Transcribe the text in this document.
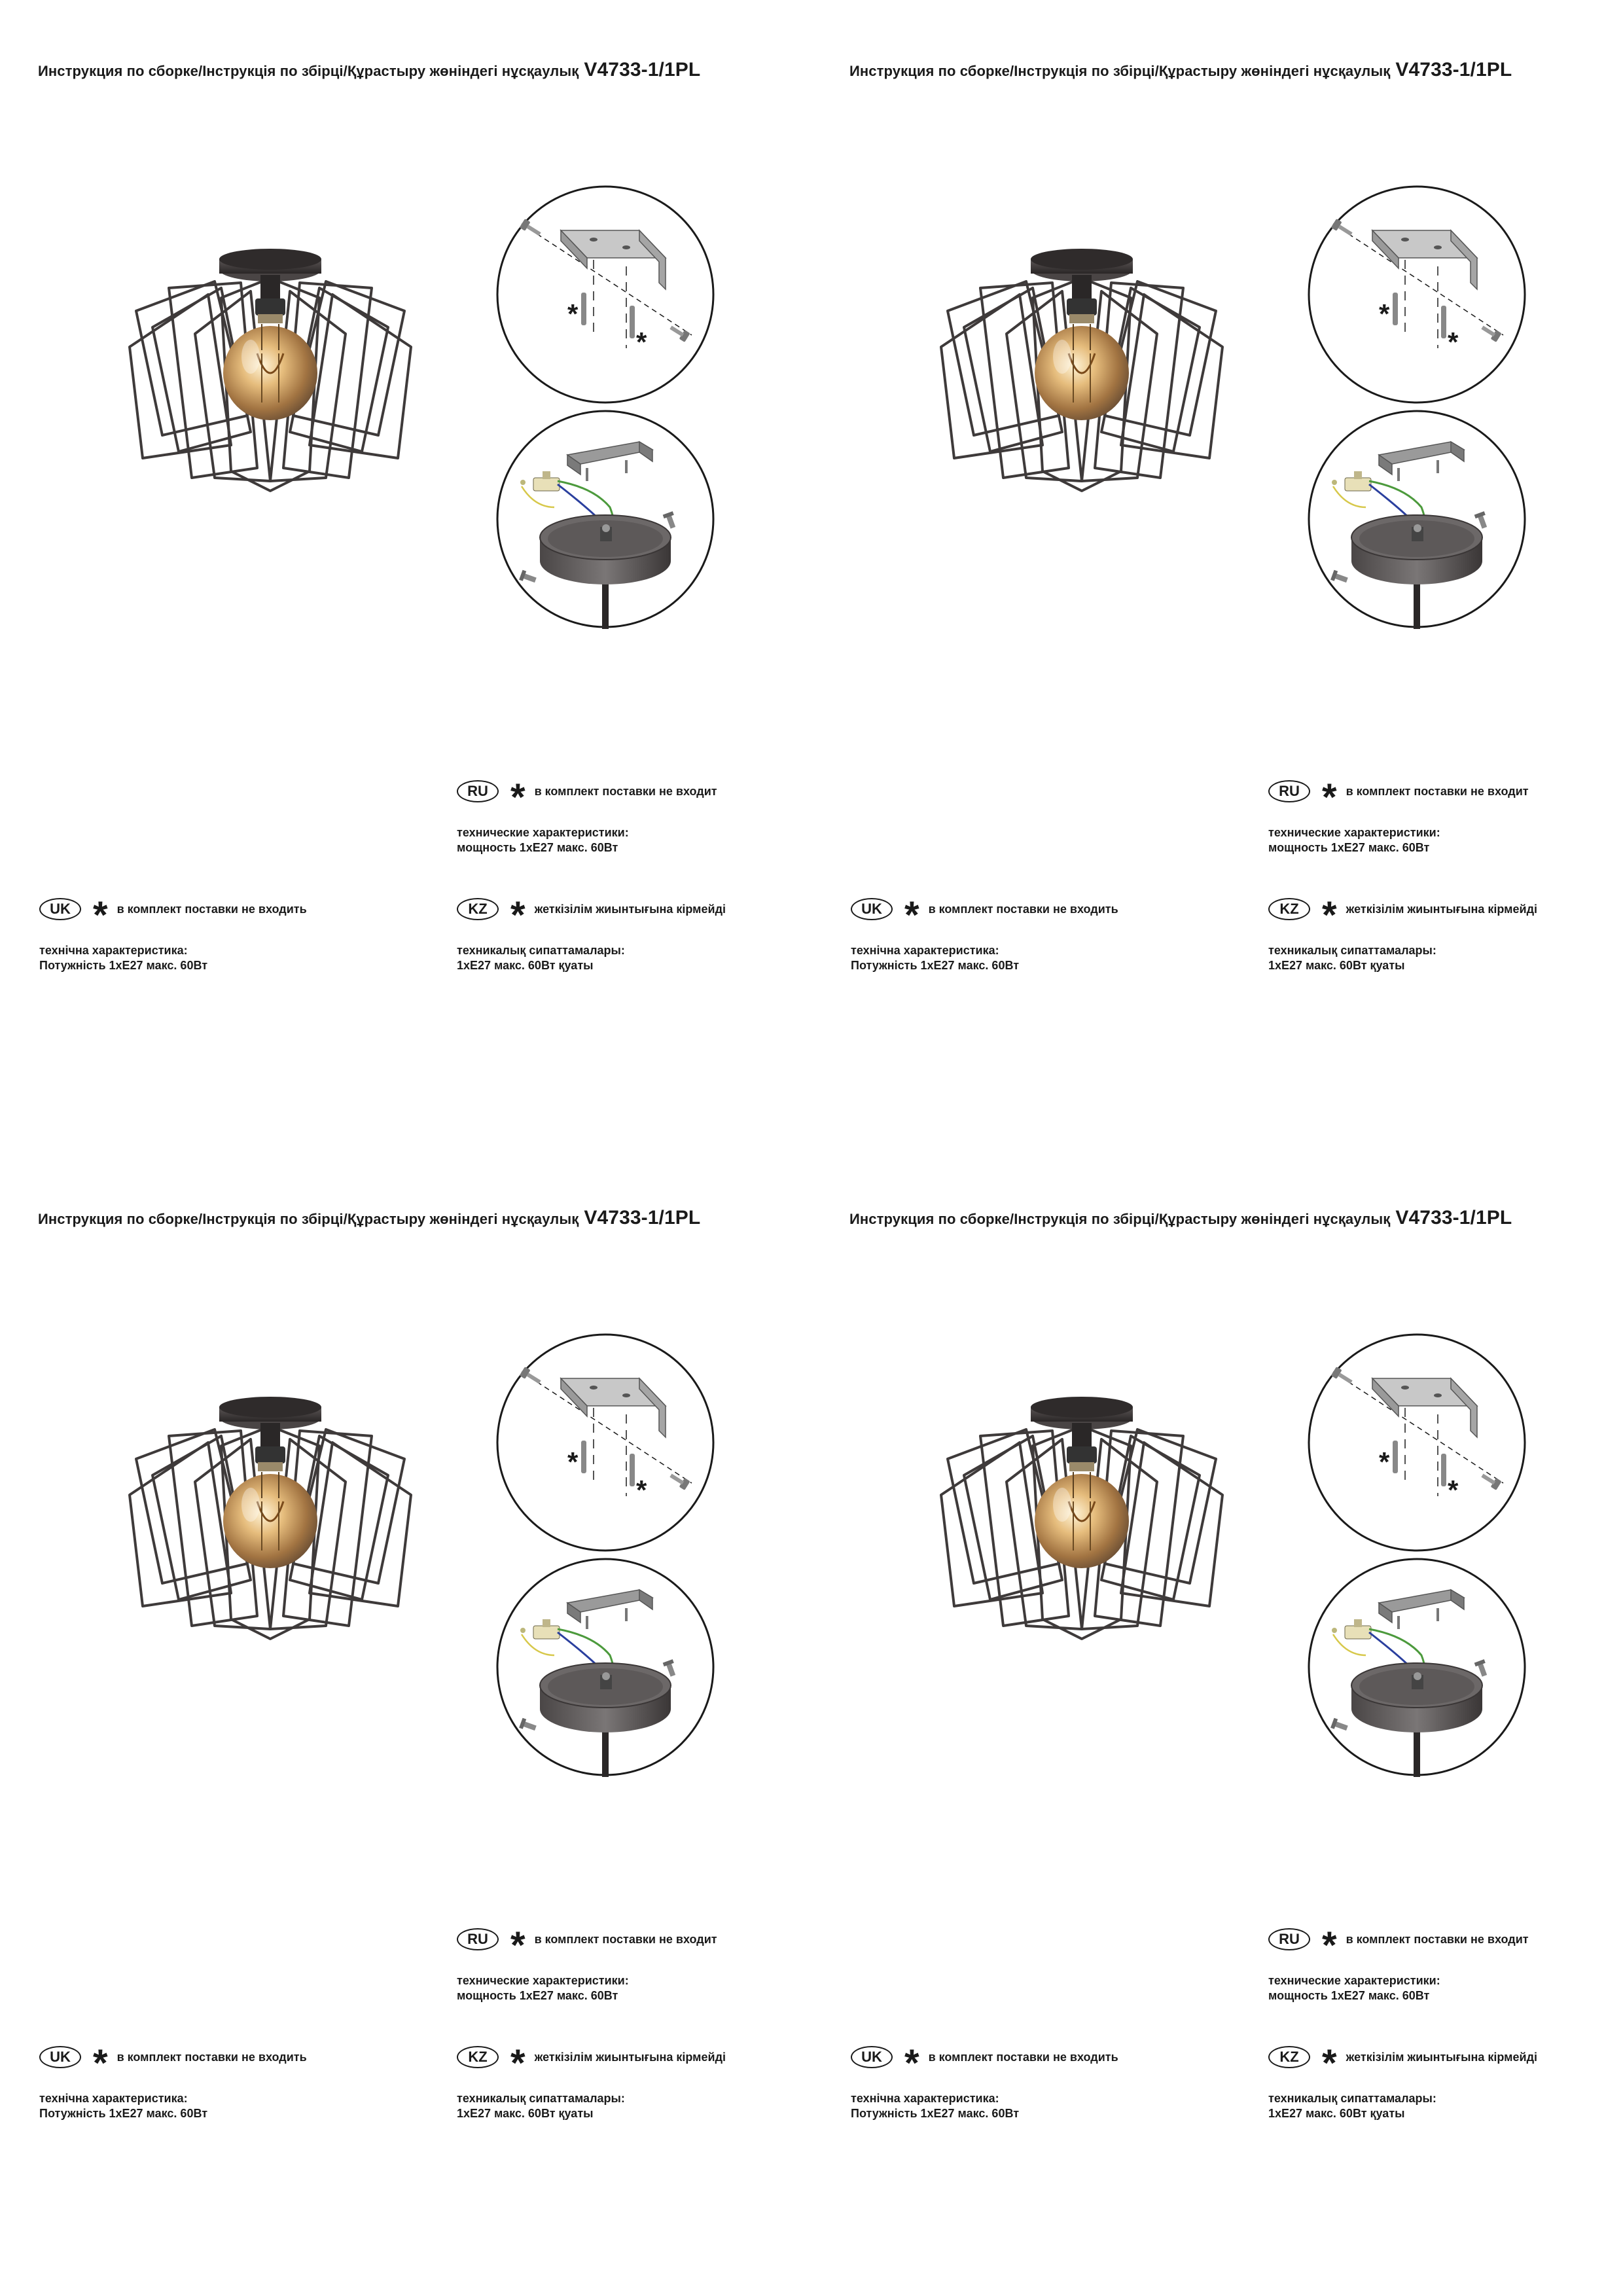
Инструкция по сборке/Інструкція по збірці/Құрастыру жөніндегі нұсқаулық V4733-1/1PL
RU * в комплект поставки не входит
технические характеристики:
мощность 1xE27 макс. 60Вт
UK * в комплект поставки не входить
технічна характеристика:
Потужність 1xE27 макс. 60Вт
KZ * жеткізілім жиынтығына кірмейді
техникалық сипаттамалары:
1xE27 макс. 60Вт қуаты
Инструкция по сборке/Інструкція по збірці/Құрастыру жөніндегі нұсқаулық V4733-1/1PL
RU * в комплект поставки не входит
технические характеристики:
мощность 1xE27 макс. 60Вт
UK * в комплект поставки не входить
технічна характеристика:
Потужність 1xE27 макс. 60Вт
KZ * жеткізілім жиынтығына кірмейді
техникалық сипаттамалары:
1xE27 макс. 60Вт қуаты
Инструкция по сборке/Інструкція по збірці/Құрастыру жөніндегі нұсқаулық V4733-1/1PL
RU * в комплект поставки не входит
технические характеристики:
мощность 1xE27 макс. 60Вт
UK * в комплект поставки не входить
технічна характеристика:
Потужність 1xE27 макс. 60Вт
KZ * жеткізілім жиынтығына кірмейді
техникалық сипаттамалары:
1xE27 макс. 60Вт қуаты
Инструкция по сборке/Інструкція по збірці/Құрастыру жөніндегі нұсқаулық V4733-1/1PL
RU * в комплект поставки не входит
технические характеристики:
мощность 1xE27 макс. 60Вт
UK * в комплект поставки не входить
технічна характеристика:
Потужність 1xE27 макс. 60Вт
KZ * жеткізілім жиынтығына кірмейді
техникалық сипаттамалары:
1xE27 макс. 60Вт қуаты
